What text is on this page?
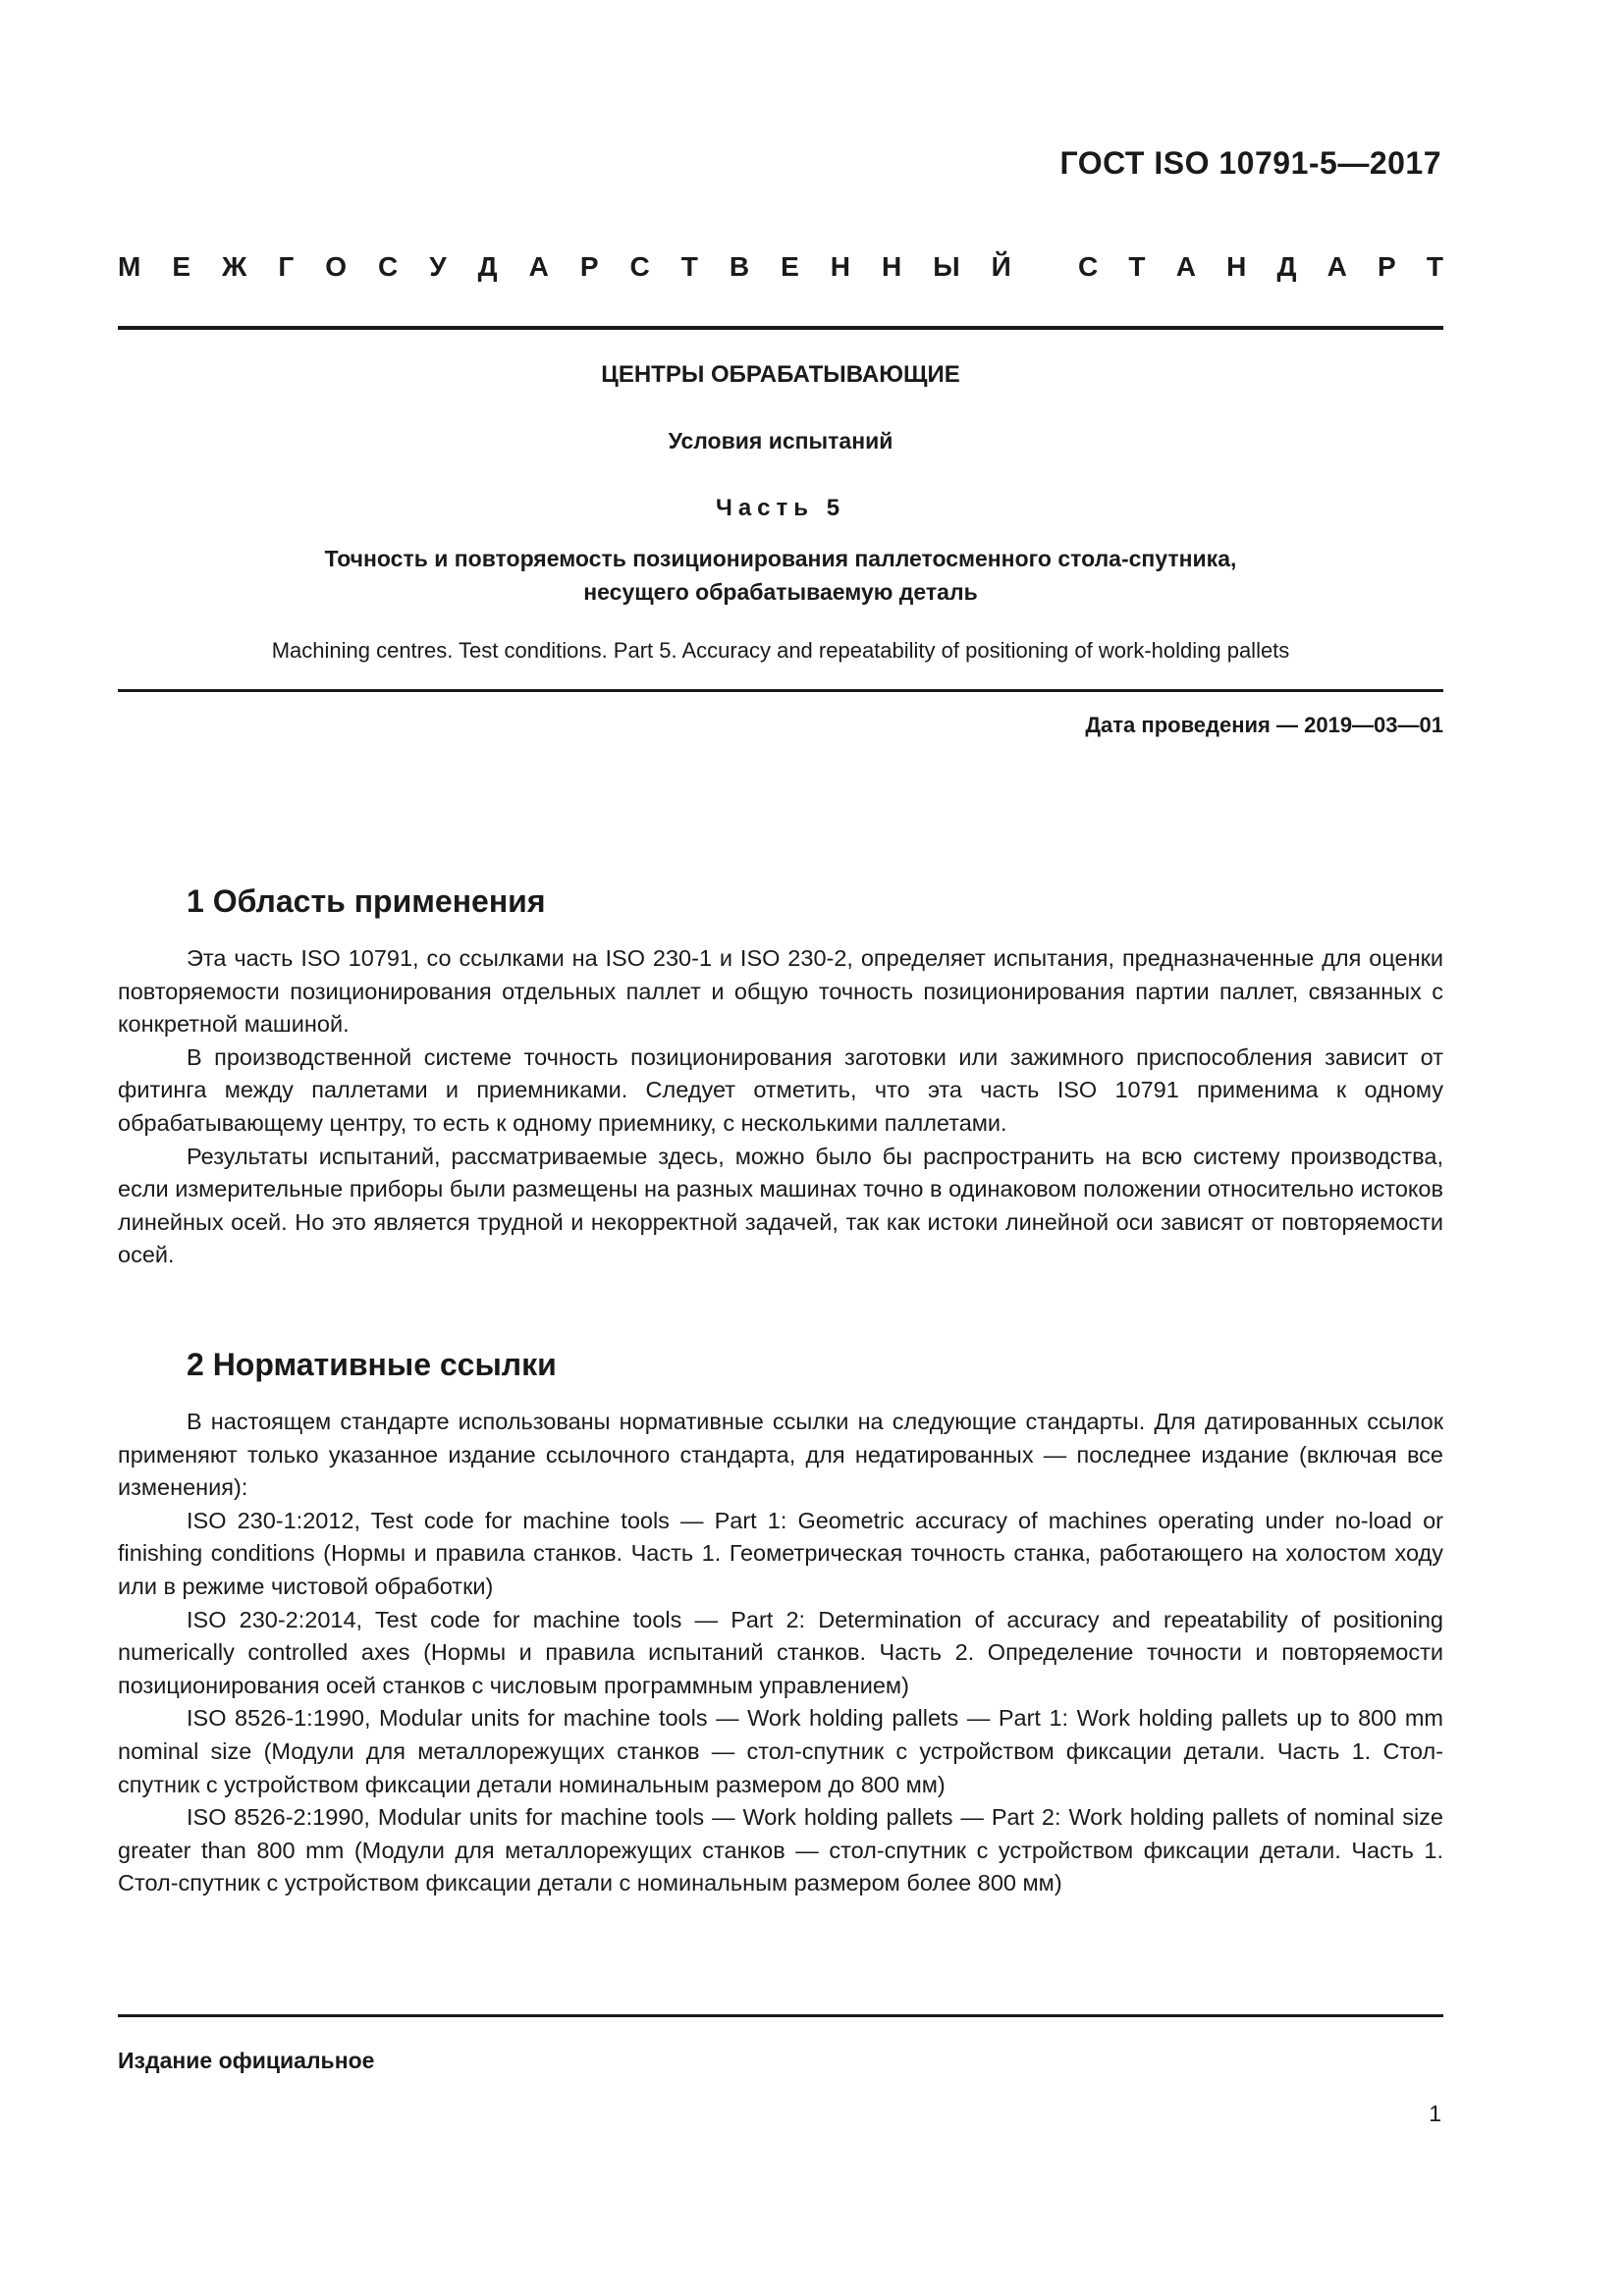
ГОСТ ISO 10791-5—2017
М Е Ж Г О С У Д А Р С Т В Е Н Н Ы Й С Т А Н Д А Р Т
ЦЕНТРЫ ОБРАБАТЫВАЮЩИЕ
Условия испытаний
Часть 5
Точность и повторяемость позиционирования паллетосменного стола-спутника,
несущего обрабатываемую деталь
Machining centres. Test conditions. Part 5. Accuracy and repeatability of positioning of work-holding pallets
Дата проведения — 2019—03—01
1 Область применения

Эта часть ISO 10791, со ссылками на ISO 230-1 и ISO 230-2, определяет испытания, предназначенные для оценки повторяемости позиционирования отдельных паллет и общую точность позиционирования партии паллет, связанных с конкретной машиной.

В производственной системе точность позиционирования заготовки или зажимного приспособления зависит от фитинга между паллетами и приемниками. Следует отметить, что эта часть ISO 10791 применима к одному обрабатывающему центру, то есть к одному приемнику, с несколькими паллетами.

Результаты испытаний, рассматриваемые здесь, можно было бы распространить на всю систему производства, если измерительные приборы были размещены на разных машинах точно в одинаковом положении относительно истоков линейных осей. Но это является трудной и некорректной задачей, так как истоки линейной оси зависят от повторяемости осей.

2 Нормативные ссылки

В настоящем стандарте использованы нормативные ссылки на следующие стандарты. Для датированных ссылок применяют только указанное издание ссылочного стандарта, для недатированных — последнее издание (включая все изменения):

ISO 230-1:2012, Test code for machine tools — Part 1: Geometric accuracy of machines operating under no-load or finishing conditions (Нормы и правила станков. Часть 1. Геометрическая точность станка, работающего на холостом ходу или в режиме чистовой обработки)

ISO 230-2:2014, Test code for machine tools — Part 2: Determination of accuracy and repeatability of positioning numerically controlled axes (Нормы и правила испытаний станков. Часть 2. Определение точности и повторяемости позиционирования осей станков с числовым программным управлением)

ISO 8526-1:1990, Modular units for machine tools — Work holding pallets — Part 1: Work holding pallets up to 800 mm nominal size (Модули для металлорежущих станков — стол-спутник с устройством фиксации детали. Часть 1. Стол-спутник с устройством фиксации детали номинальным размером до 800 мм)

ISO 8526-2:1990, Modular units for machine tools — Work holding pallets — Part 2: Work holding pallets of nominal size greater than 800 mm (Модули для металлорежущих станков — стол-спутник с устройством фиксации детали. Часть 1. Стол-спутник с устройством фиксации детали с номинальным размером более 800 мм)

Издание официальное
1
